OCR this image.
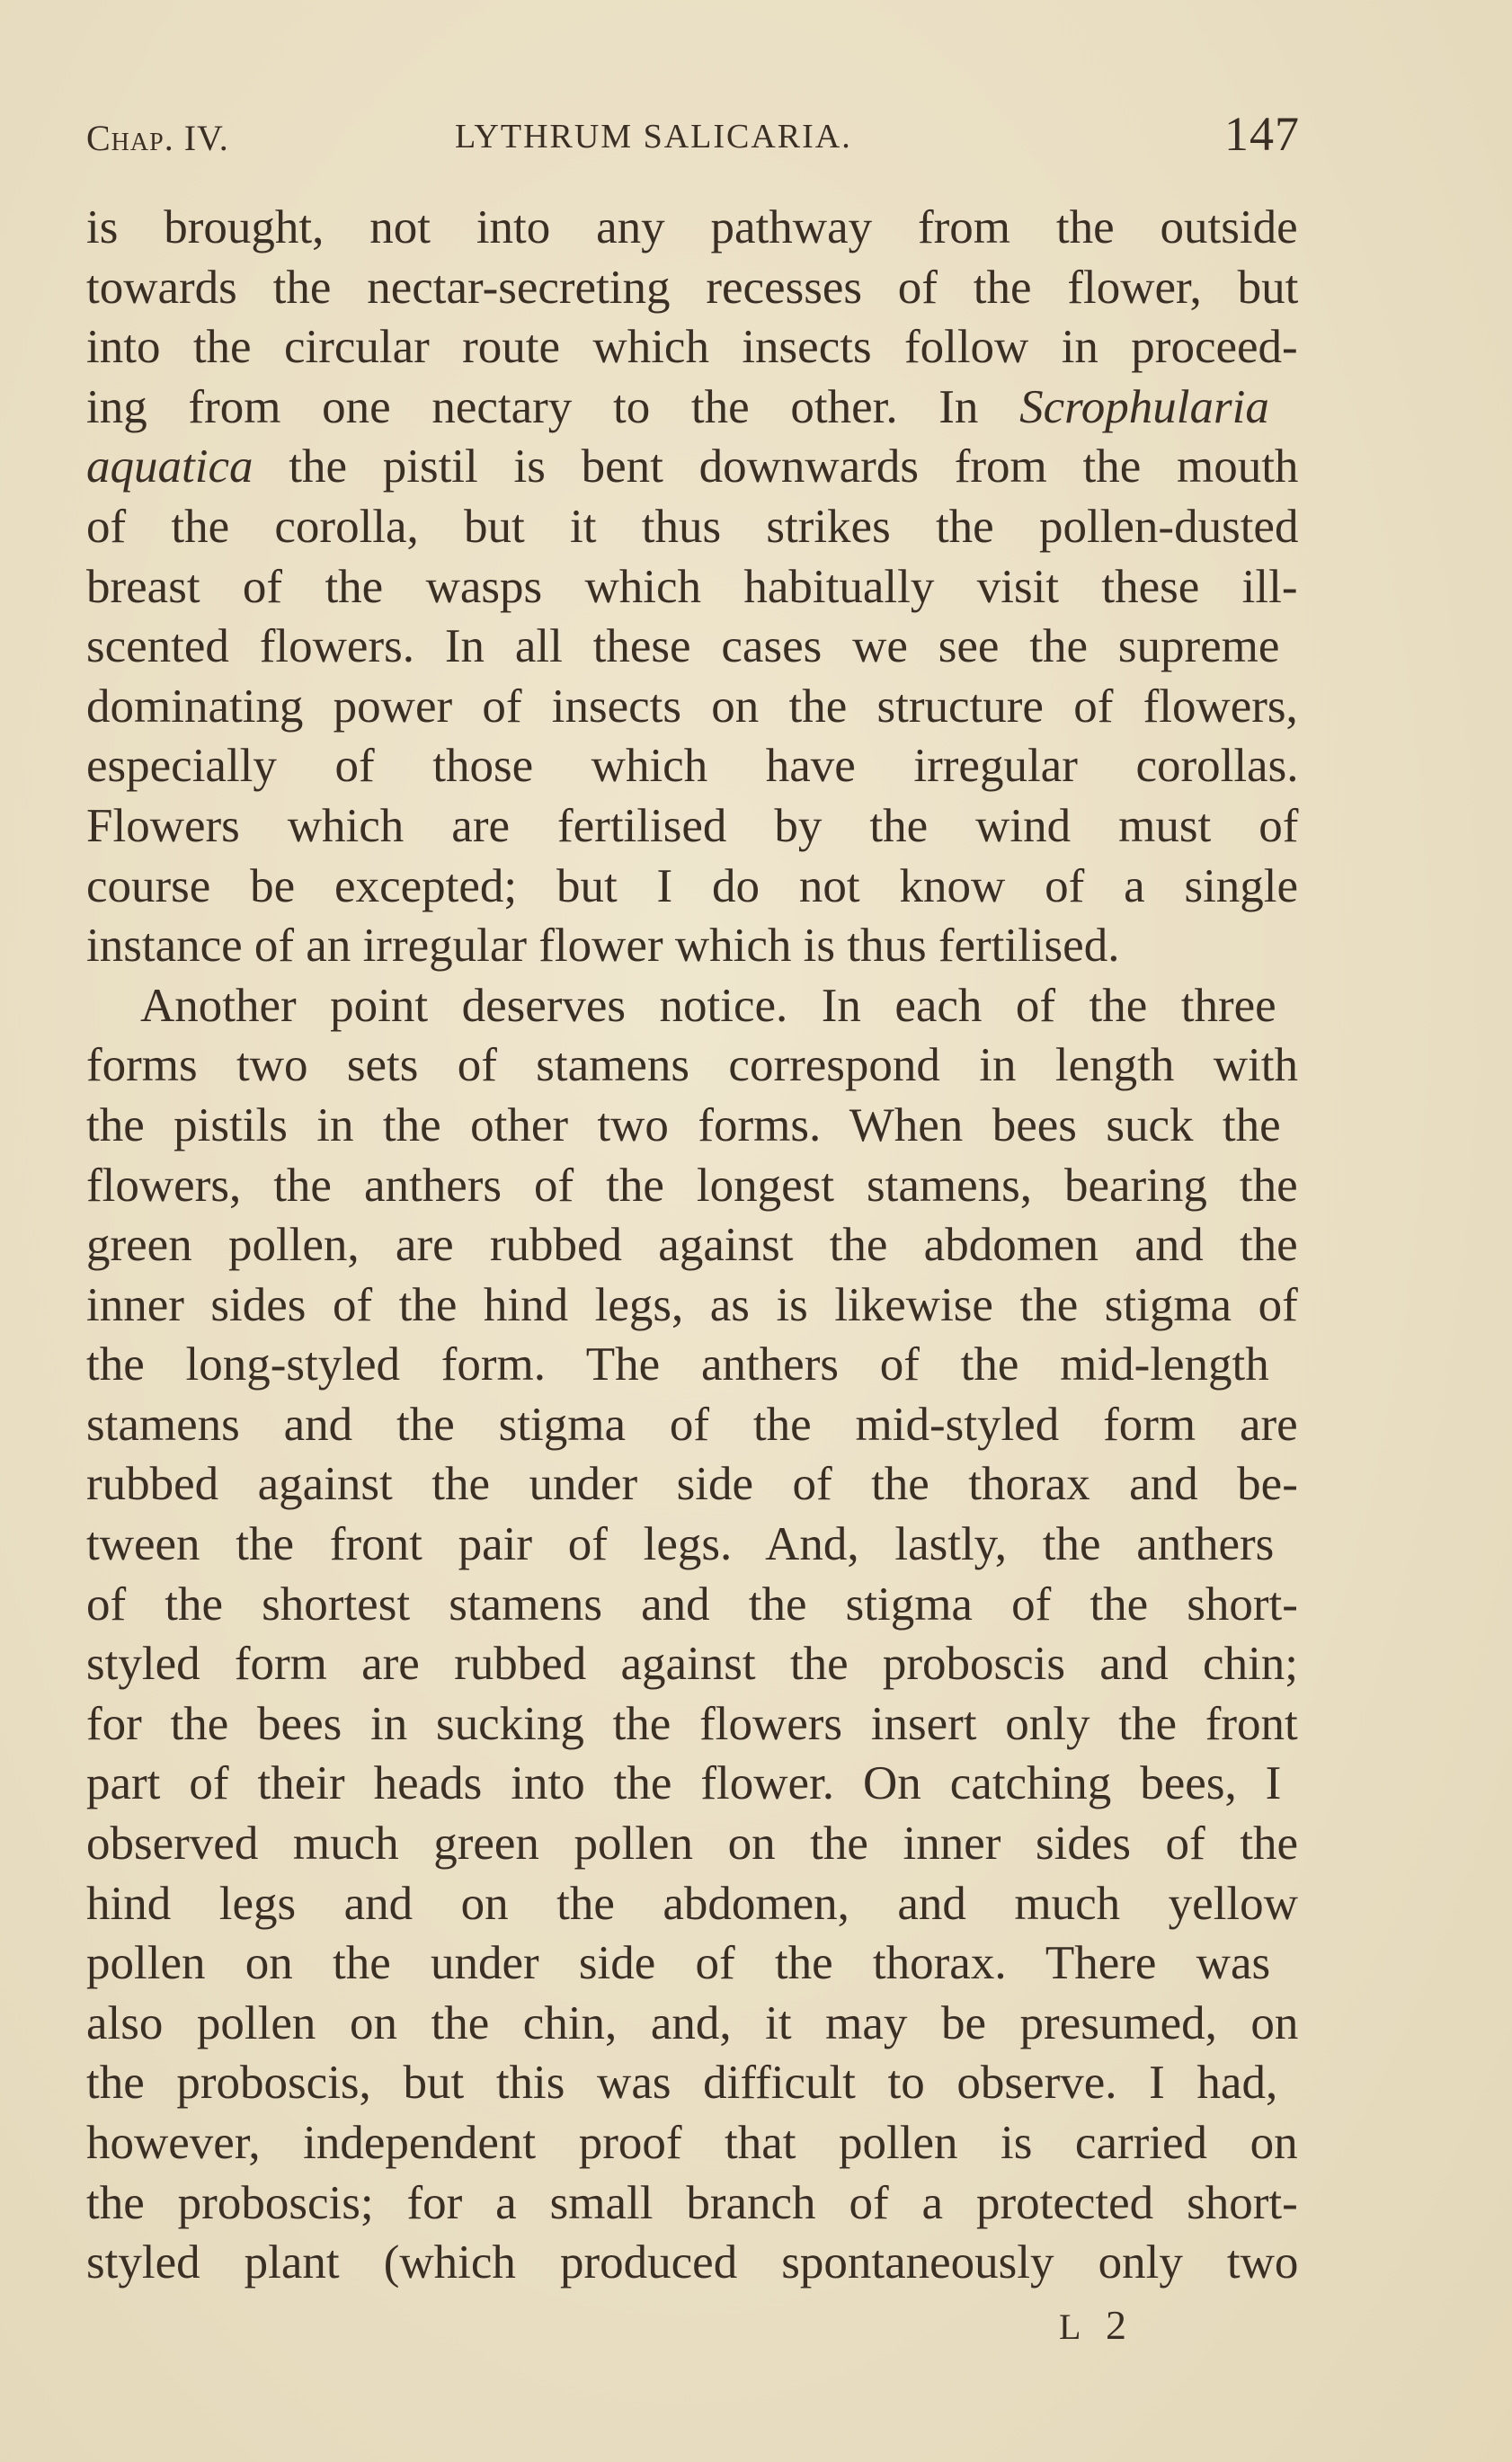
Chap. IV.	LYTHRUM SALICARIA.	147
is brought, not into any pathway from the outside
towards the nectar-secreting recesses of the flower, but
into the circular route which insects follow in proceed-
ing from one nectary to the other. In Scrophularia
aquatica the pistil is bent downwards from the mouth
of the corolla, but it thus strikes the pollen-dusted
breast of the wasps which habitually visit these ill-
scented flowers. In all these cases we see the supreme
dominating power of insects on the structure of flowers,
especially of those which have irregular corollas.
Flowers which are fertilised by the wind must of
course be excepted; but I do not know of a single
instance of an irregular flower which is thus fertilised.
Another point deserves notice. In each of the three
forms two sets of stamens correspond in length with
the pistils in the other two forms. When bees suck the
flowers, the anthers of the longest stamens, bearing the
green pollen, are rubbed against the abdomen and the
inner sides of the hind legs, as is likewise the stigma of
the long-styled form. The anthers of the mid-length
stamens and the stigma of the mid-styled form are
rubbed against the under side of the thorax and be-
tween the front pair of legs. And, lastly, the anthers
of the shortest stamens and the stigma of the short-
styled form are rubbed against the proboscis and chin;
for the bees in sucking the flowers insert only the front
part of their heads into the flower. On catching bees, I
observed much green pollen on the inner sides of the
hind legs and on the abdomen, and much yellow
pollen on the under side of the thorax. There was
also pollen on the chin, and, it may be presumed, on
the proboscis, but this was difficult to observe. I had,
however, independent proof that pollen is carried on
the proboscis; for a small branch of a protected short-
styled plant (which produced spontaneously only two
L 2
